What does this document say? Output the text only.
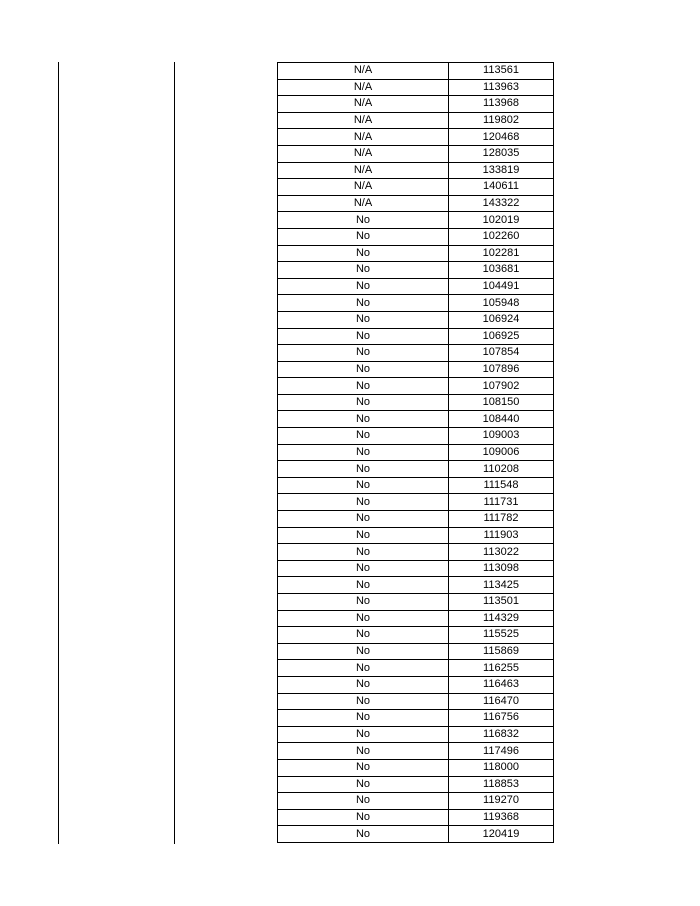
N/A	113561
N/A	113963
N/A	113968
N/A	119802
N/A	120468
N/A	128035
N/A	133819
N/A	140611
N/A	143322
No	102019
No	102260
No	102281
No	103681
No	104491
No	105948
No	106924
No	106925
No	107854
No	107896
No	107902
No	108150
No	108440
No	109003
No	109006
No	110208
No	111548
No	111731
No	111782
No	111903
No	113022
No	113098
No	113425
No	113501
No	114329
No	115525
No	115869
No	116255
No	116463
No	116470
No	116756
No	116832
No	117496
No	118000
No	118853
No	119270
No	119368
No	120419
